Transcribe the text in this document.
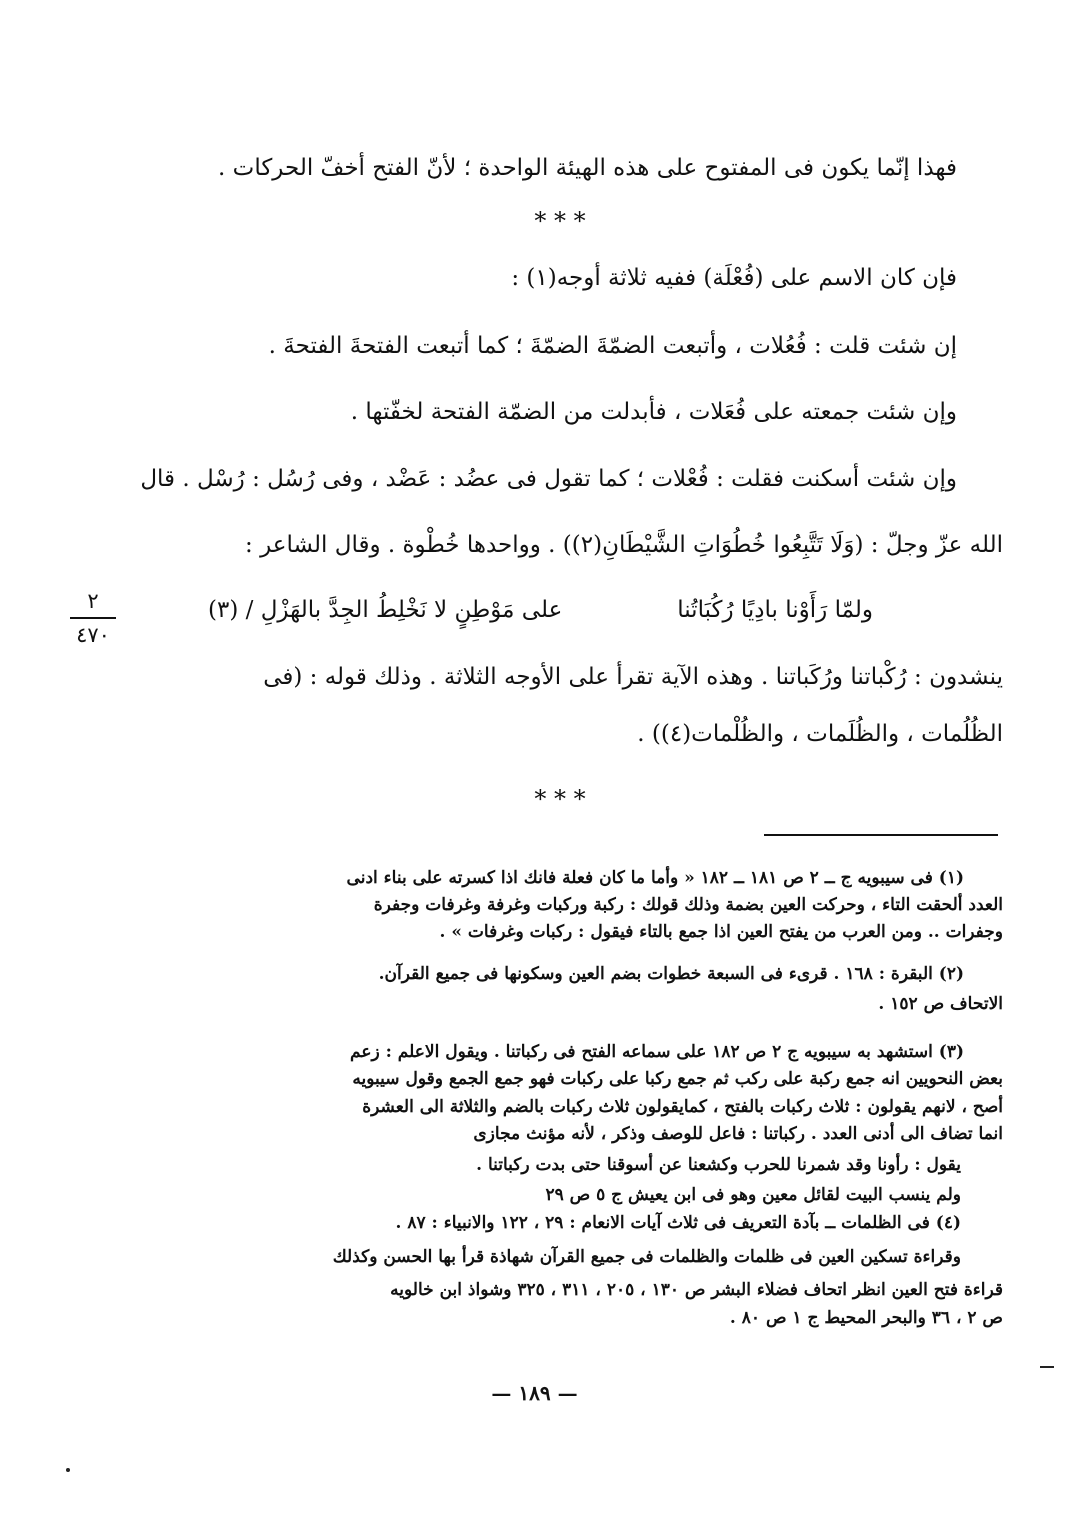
فهذا إنّما يكون فى المفتوح على هذه الهيئة الواحدة ؛ لأنّ الفتح أخفّ الحركات .
* * *
فإن كان الاسم على (فُعْلَة) ففيه ثلاثة أوجه(١) :
إن شئت قلت : فُعُلات ، وأتبعت الضمّةَ الضمّةَ ؛ كما أتبعت الفتحةَ الفتحةَ .
وإن شئت جمعته على فُعَلات ، فأبدلت من الضمّة الفتحة لخفّتها .
وإن شئت أسكنت فقلت : فُعْلات ؛ كما تقول فى عضُد : عَضْد ، وفى رُسُل : رُسْل . قال
الله عزّ وجلّ : (وَلَا تَتَّبِعُوا خُطُوَاتِ الشَّيْطَانِ(٢)) . وواحدها خُطْوة . وقال الشاعر :
ولمّا رَأَوْنا بادِيًا رُكُبَاتُنا
على مَوْطِنٍ لا نَخْلِطُ الجِدَّ بالهَزْلِ / (٣)
٢
٤٧٠
ينشدون : رُكْباتنا ورُكَباتنا . وهذه الآية تقرأ على الأوجه الثلاثة . وذلك قوله : (فى
الظُلُمات ، والظُلَمات ، والظُلْمات(٤)) .
* * *
(١) فى سيبويه ج ــ ٢ ص ١٨١ ــ ١٨٢ « وأما ما كان فعلة فانك اذا كسرته على بناء ادنى
العدد ألحقت التاء ، وحركت العين بضمة وذلك قولك : ركبة وركبات وغرفة وغرفات وجفرة
وجفرات .. ومن العرب من يفتح العين اذا جمع بالتاء فيقول : ركبات وغرفات » .
(٢) البقرة : ١٦٨ . قرىء فى السبعة خطوات بضم العين وسكونها فى جميع القرآن.
الاتحاف ص ١٥٢ .
(٣) استشهد به سيبويه ج ٢ ص ١٨٢ على سماعه الفتح فى ركباتنا . ويقول الاعلم : زعم
بعض النحويين انه جمع ركبة على ركب ثم جمع ركبا على ركبات فهو جمع الجمع وقول سيبويه
أصح ، لانهم يقولون : ثلاث ركبات بالفتح ، كمايقولون ثلاث ركبات بالضم والثلاثة الى العشرة
انما تضاف الى أدنى العدد . ركباتنا : فاعل للوصف وذكر ، لأنه مؤنث مجازى
يقول : رأونا وقد شمرنا للحرب وكشعنا عن أسوقنا حتى بدت ركباتنا .
ولم ينسب البيت لقائل معين وهو فى ابن يعيش ج ٥ ص ٢٩
(٤) فى الظلمات ــ بآدة التعريف فى ثلاث آيات الانعام : ٢٩ ، ١٢٢ والانبياء : ٨٧ .
وقراءة تسكين العين فى ظلمات والظلمات فى جميع القرآن شهاذة قرأ بها الحسن وكذلك
قراءة فتح العين انظر اتحاف فضلاء البشر ص ١٣٠ ، ٢٠٥ ، ٣١١ ، ٣٢٥ وشواذ ابن خالويه
ص ٢ ، ٣٦ والبحر المحيط ج ١ ص ٨٠ .
— ١٨٩ —
